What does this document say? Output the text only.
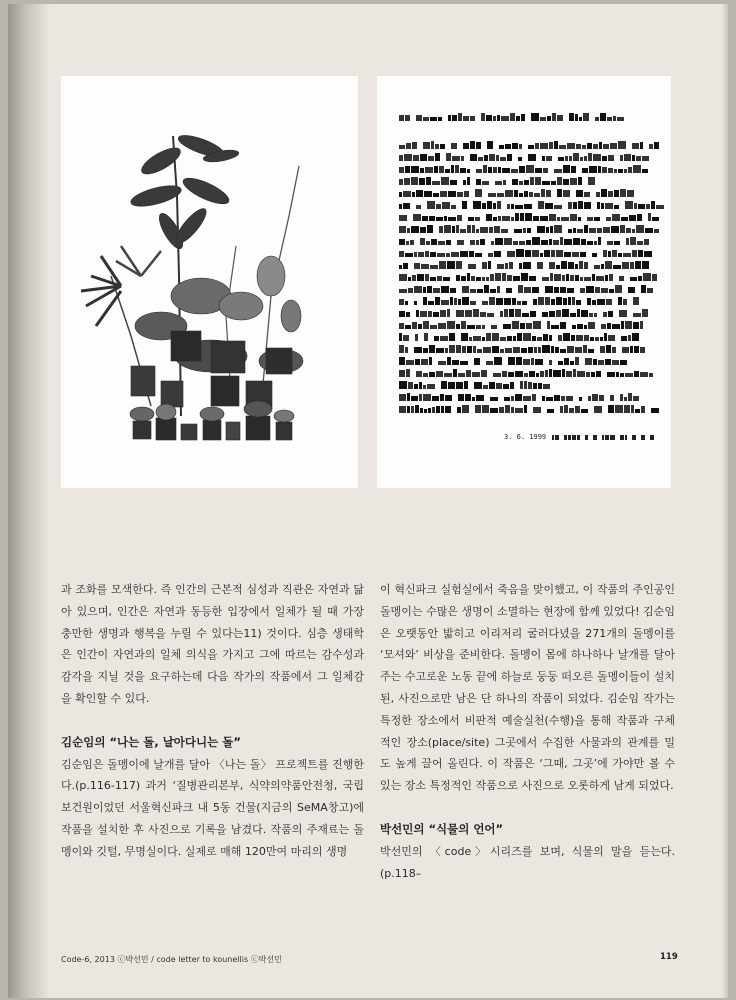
3. 6. 1999

과 조화를 모색한다. 즉 인간의 근본적 심성과 직관은 자연과 닮아 있으며, 인간은 자연과 동등한 입장에서 일체가 될 때 가장 충만한 생명과 행복을 누릴 수 있다는11) 것이다. 심층 생태학은 인간이 자연과의 일체 의식을 가지고 그에 따르는 감수성과 감각을 지닐 것을 요구하는데 다음 작가의 작품에서 그 일체감을 확인할 수 있다.

김순임의 “나는 돌, 날아다니는 돌”

김순임은 돌멩이에 날개를 달아 〈나는 돌〉 프로젝트를 진행한다.(p.116-117) 과거 ‘질병관리본부, 식약의약품안전청, 국립보건원이었던 서울혁신파크 내 5동 건물(지금의 SeMA창고)에 작품을 설치한 후 사진으로 기록을 남겼다. 작품의 주재료는 돌멩이와 깃털, 무명실이다. 실제로 매해 120만여 마리의 생명

이 혁신파크 실험실에서 죽음을 맞이했고, 이 작품의 주인공인 돌멩이는 수많은 생명이 소멸하는 현장에 함께 있었다! 김순임은 오랫동안 밟히고 이리저리 굴러다녔을 271개의 돌멩이를 ‘모셔와’ 비상을 준비한다. 돌멩이 몸에 하나하나 날개를 달아주는 수고로운 노동 끝에 하늘로 둥둥 떠오른 돌멩이들이 설치된, 사진으로만 남은 단 하나의 작품이 되었다. 김순임 작가는 특정한 장소에서 비판적 예술실천(수행)을 통해 작품과 구체적인 장소(place/site) 그곳에서 수집한 사물과의 관계를 밀도 높게 끌어 올린다. 이 작품은 ‘그때, 그곳’에 가야만 볼 수 있는 장소 특정적인 작품으로 사진으로 오롯하게 남게 되었다.

박선민의 “식물의 언어”

박선민의 〈code〉시리즈를 보며, 식물의 말을 듣는다.(p.118–

Code-6, 2013 ⓒ박선민 / code letter to kounellis ⓒ박선민	119
